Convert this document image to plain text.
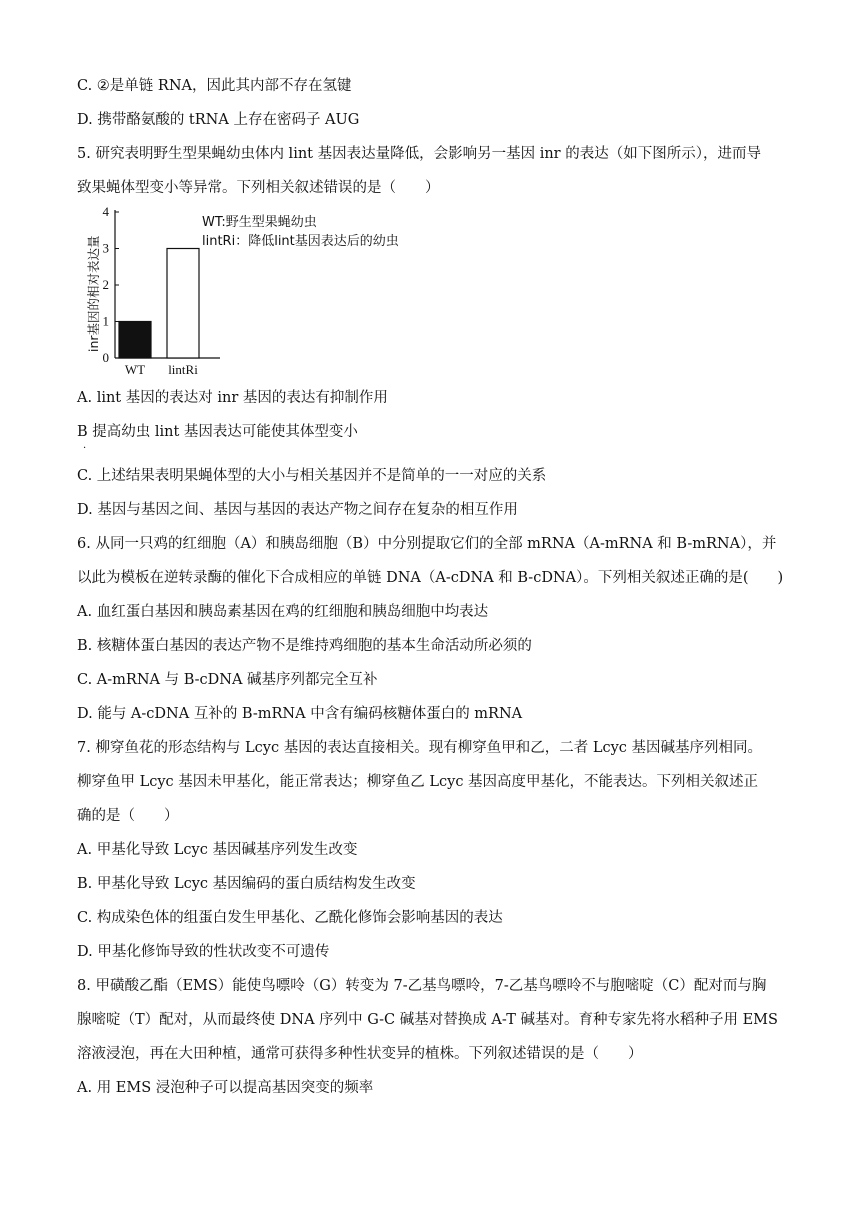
C. ②是单链 RNA，因此其内部不存在氢键
D. 携带酪氨酸的 tRNA 上存在密码子 AUG
5. 研究表明野生型果蝇幼虫体内 lint 基因表达量降低，会影响另一基因 inr 的表达（如下图所示），进而导
致果蝇体型变小等异常。下列相关叙述错误的是（　　）
0
1
2
3
4
WT lintRi
inr基因的相对表达量
WT:野生型果蝇幼虫
lintRi：降低lint基因表达后的幼虫
A. lint 基因的表达对 inr 基因的表达有抑制作用
B 提高幼虫 lint 基因表达可能使其体型变小
·
C. 上述结果表明果蝇体型的大小与相关基因并不是简单的一一对应的关系
D. 基因与基因之间、基因与基因的表达产物之间存在复杂的相互作用
6. 从同一只鸡的红细胞（A）和胰岛细胞（B）中分别提取它们的全部 mRNA（A-mRNA 和 B-mRNA），并
以此为模板在逆转录酶的催化下合成相应的单链 DNA（A-cDNA 和 B-cDNA）。下列相关叙述正确的是(　　)
A. 血红蛋白基因和胰岛素基因在鸡的红细胞和胰岛细胞中均表达
B. 核糖体蛋白基因的表达产物不是维持鸡细胞的基本生命活动所必须的
C. A-mRNA 与 B-cDNA 碱基序列都完全互补
D. 能与 A-cDNA 互补的 B-mRNA 中含有编码核糖体蛋白的 mRNA
7. 柳穿鱼花的形态结构与 Lcyc 基因的表达直接相关。现有柳穿鱼甲和乙，二者 Lcyc 基因碱基序列相同。
柳穿鱼甲 Lcyc 基因未甲基化，能正常表达；柳穿鱼乙 Lcyc 基因高度甲基化，不能表达。下列相关叙述正
确的是（　　）
A. 甲基化导致 Lcyc 基因碱基序列发生改变
B. 甲基化导致 Lcyc 基因编码的蛋白质结构发生改变
C. 构成染色体的组蛋白发生甲基化、乙酰化修饰会影响基因的表达
D. 甲基化修饰导致的性状改变不可遗传
8. 甲磺酸乙酯（EMS）能使鸟嘌呤（G）转变为 7-乙基鸟嘌呤，7-乙基鸟嘌呤不与胞嘧啶（C）配对而与胸
腺嘧啶（T）配对，从而最终使 DNA 序列中 G-C 碱基对替换成 A-T 碱基对。育种专家先将水稻种子用 EMS
溶液浸泡，再在大田种植，通常可获得多种性状变异的植株。下列叙述错误的是（　　）
A. 用 EMS 浸泡种子可以提高基因突变的频率
